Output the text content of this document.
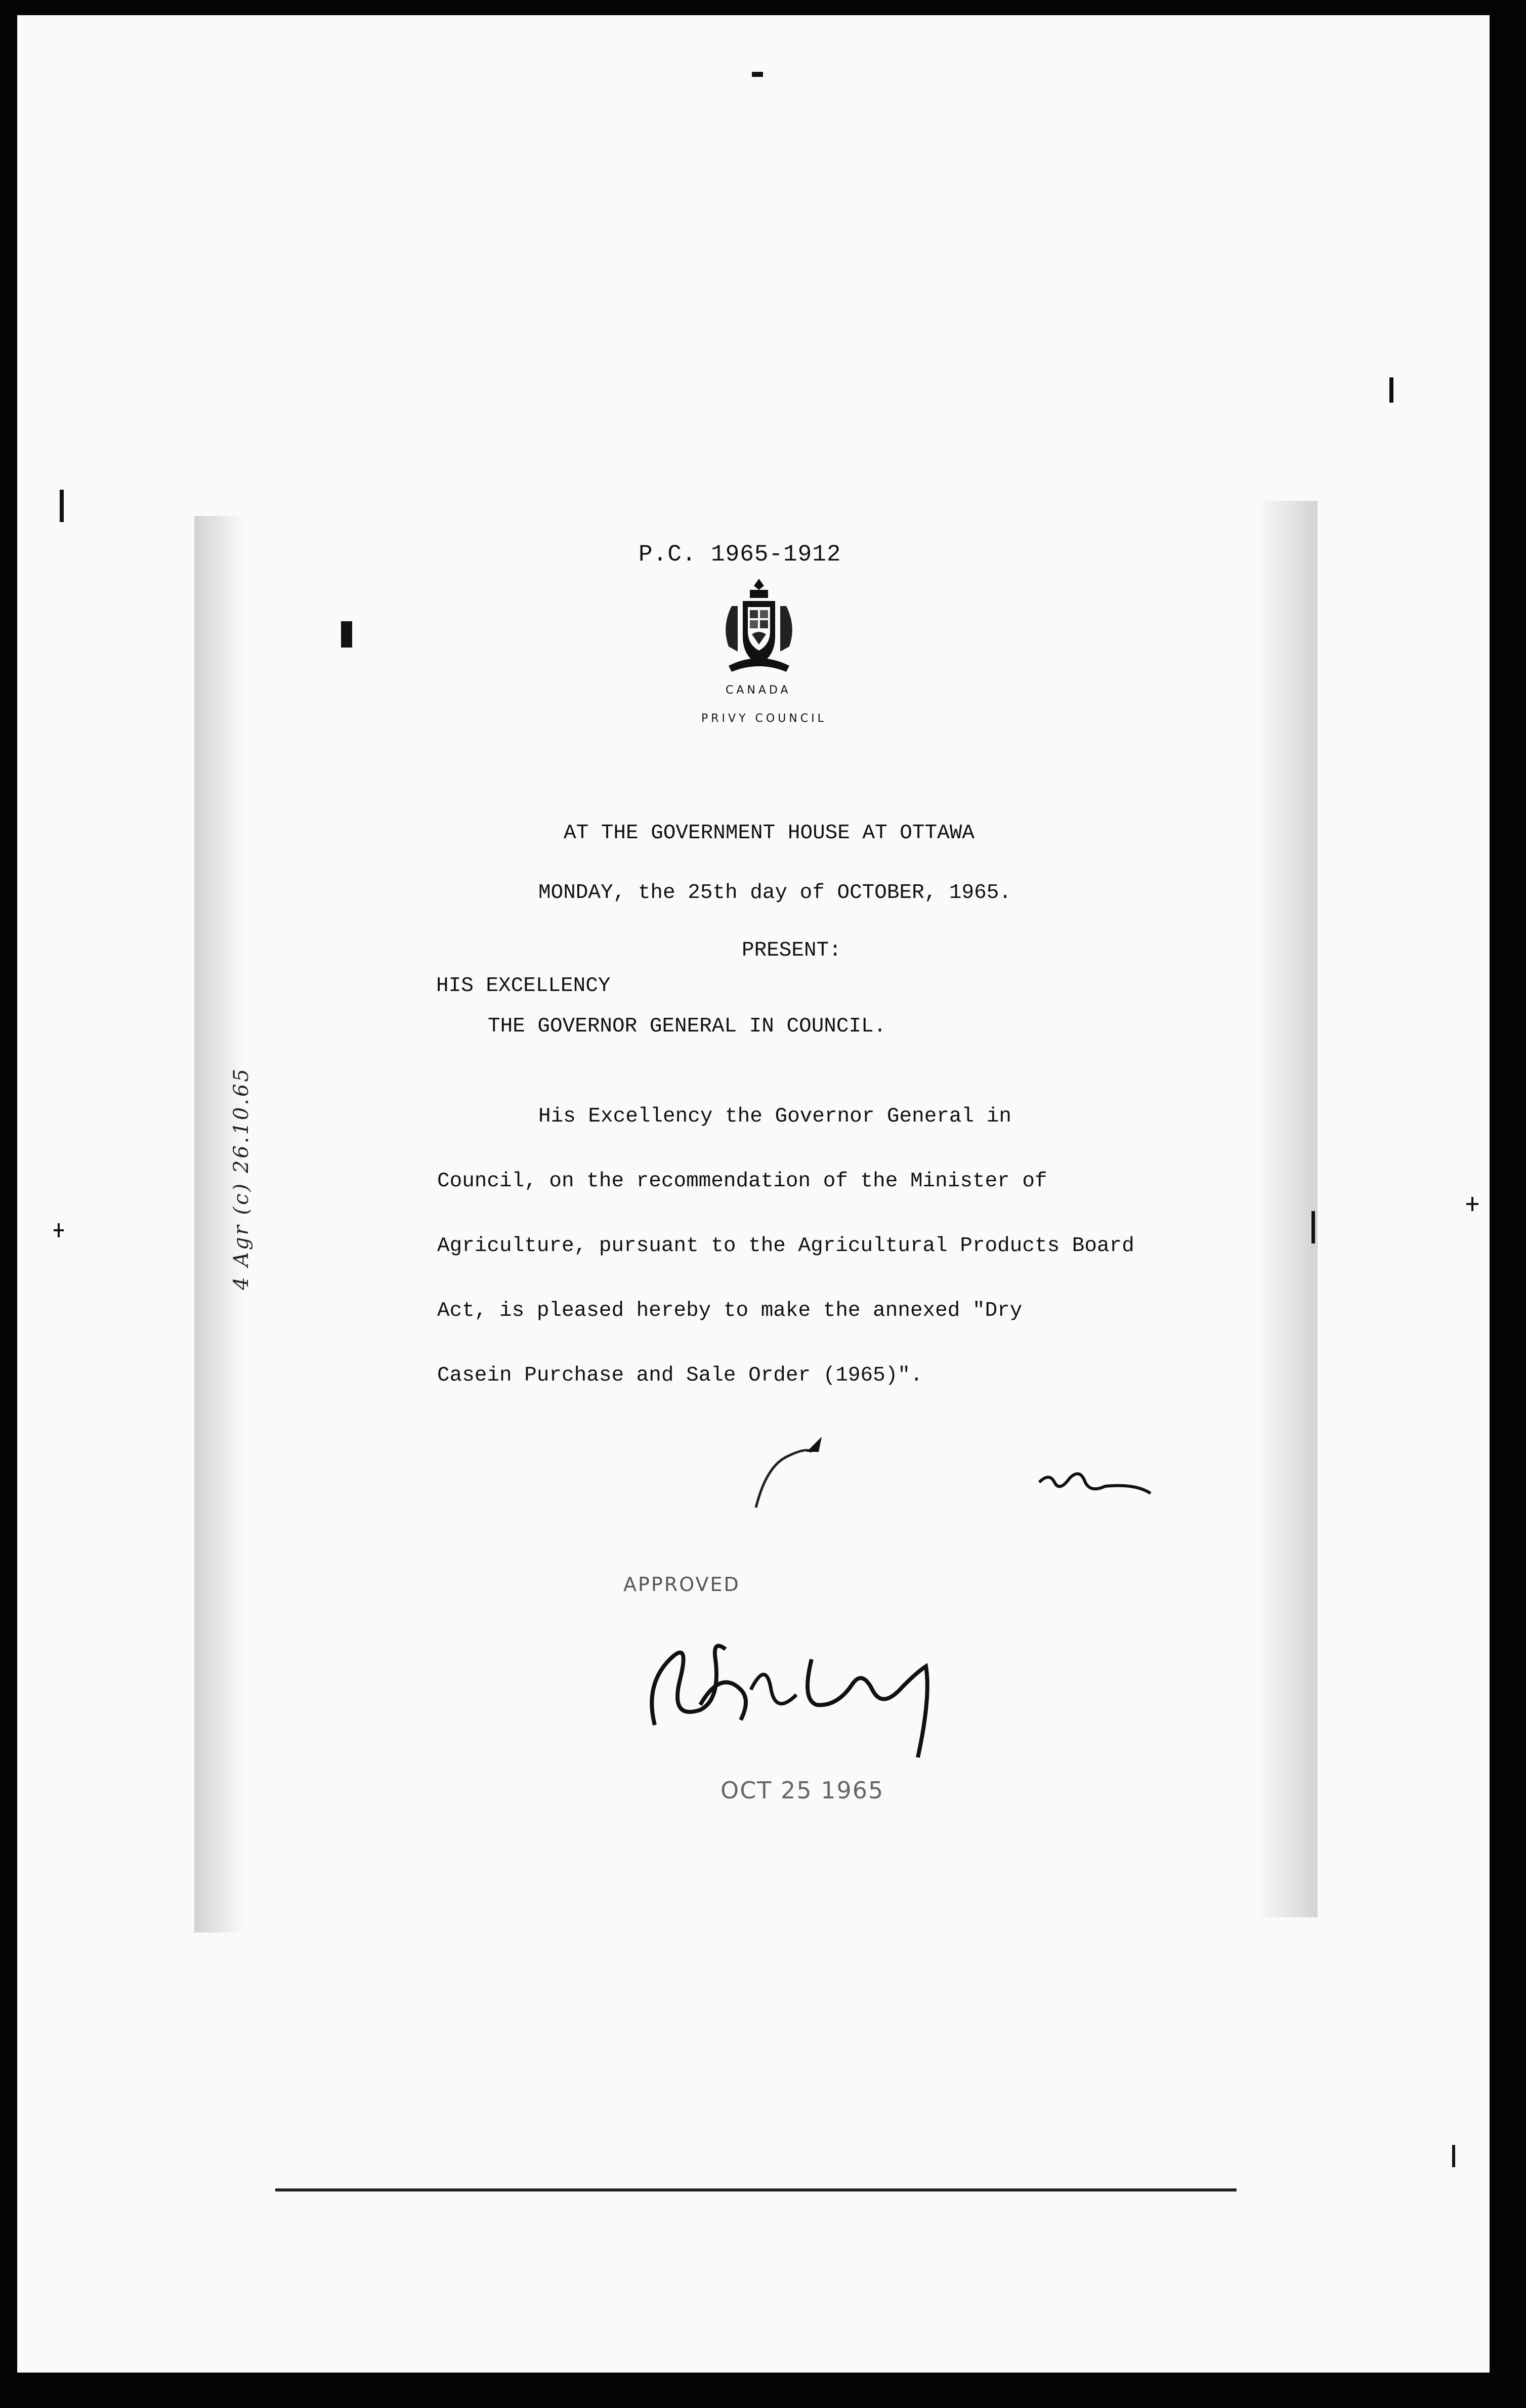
P.C. 1965-1912
CANADA
PRIVY COUNCIL
AT THE GOVERNMENT HOUSE AT OTTAWA
MONDAY, the 25th day of OCTOBER, 1965.
PRESENT:
HIS EXCELLENCY
THE GOVERNOR GENERAL IN COUNCIL.
His Excellency the Governor General in
Council, on the recommendation of the Minister of
Agriculture, pursuant to the Agricultural Products Board
Act, is pleased hereby to make the annexed "Dry
Casein Purchase and Sale Order (1965)".
APPROVED
OCT 25 1965
4 Agr (c) 26.10.65
